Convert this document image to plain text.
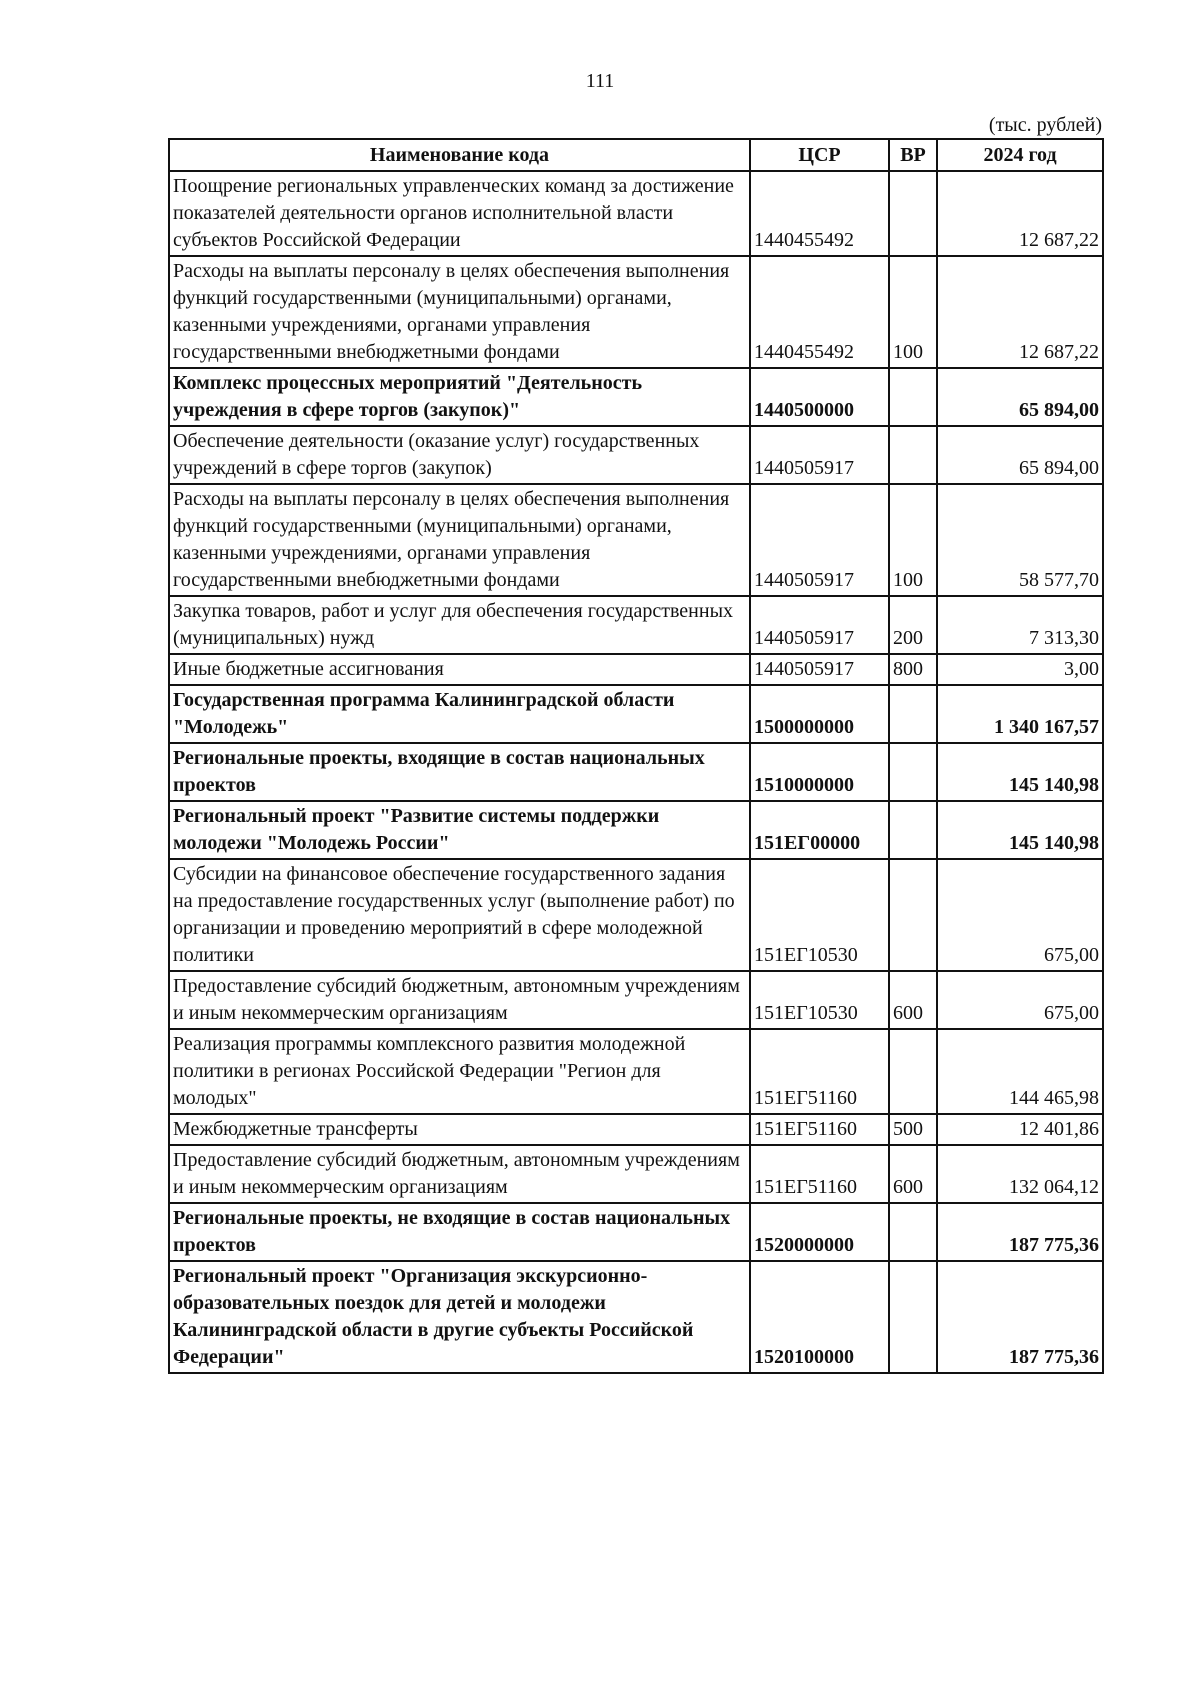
111
(тыс. рублей)
Наименование кода	ЦСР	ВР	2024 год
Поощрение региональных управленческих команд за достижение показателей деятельности органов исполнительной власти субъектов Российской Федерации	1440455492		12 687,22
Расходы на выплаты персоналу в целях обеспечения выполнения функций государственными (муниципальными) органами, казенными учреждениями, органами управления государственными внебюджетными фондами	1440455492	100	12 687,22
Комплекс процессных мероприятий "Деятельность учреждения в сфере торгов (закупок)"	1440500000		65 894,00
Обеспечение деятельности (оказание услуг) государственных учреждений в сфере торгов (закупок)	1440505917		65 894,00
Расходы на выплаты персоналу в целях обеспечения выполнения функций государственными (муниципальными) органами, казенными учреждениями, органами управления государственными внебюджетными фондами	1440505917	100	58 577,70
Закупка товаров, работ и услуг для обеспечения государственных (муниципальных) нужд	1440505917	200	7 313,30
Иные бюджетные ассигнования	1440505917	800	3,00
Государственная программа Калининградской области "Молодежь"	1500000000		1 340 167,57
Региональные проекты, входящие в состав национальных проектов	1510000000		145 140,98
Региональный проект "Развитие системы поддержки молодежи "Молодежь России"	151ЕГ00000		145 140,98
Субсидии на финансовое обеспечение государственного задания на предоставление государственных услуг (выполнение работ) по организации и проведению мероприятий в сфере молодежной политики	151ЕГ10530		675,00
Предоставление субсидий бюджетным, автономным учреждениям и иным некоммерческим организациям	151ЕГ10530	600	675,00
Реализация программы комплексного развития молодежной политики в регионах Российской Федерации "Регион для молодых"	151ЕГ51160		144 465,98
Межбюджетные трансферты	151ЕГ51160	500	12 401,86
Предоставление субсидий бюджетным, автономным учреждениям и иным некоммерческим организациям	151ЕГ51160	600	132 064,12
Региональные проекты, не входящие в состав национальных проектов	1520000000		187 775,36
Региональный проект "Организация экскурсионно-образовательных поездок для детей и молодежи Калининградской области в другие субъекты Российской Федерации"	1520100000		187 775,36
